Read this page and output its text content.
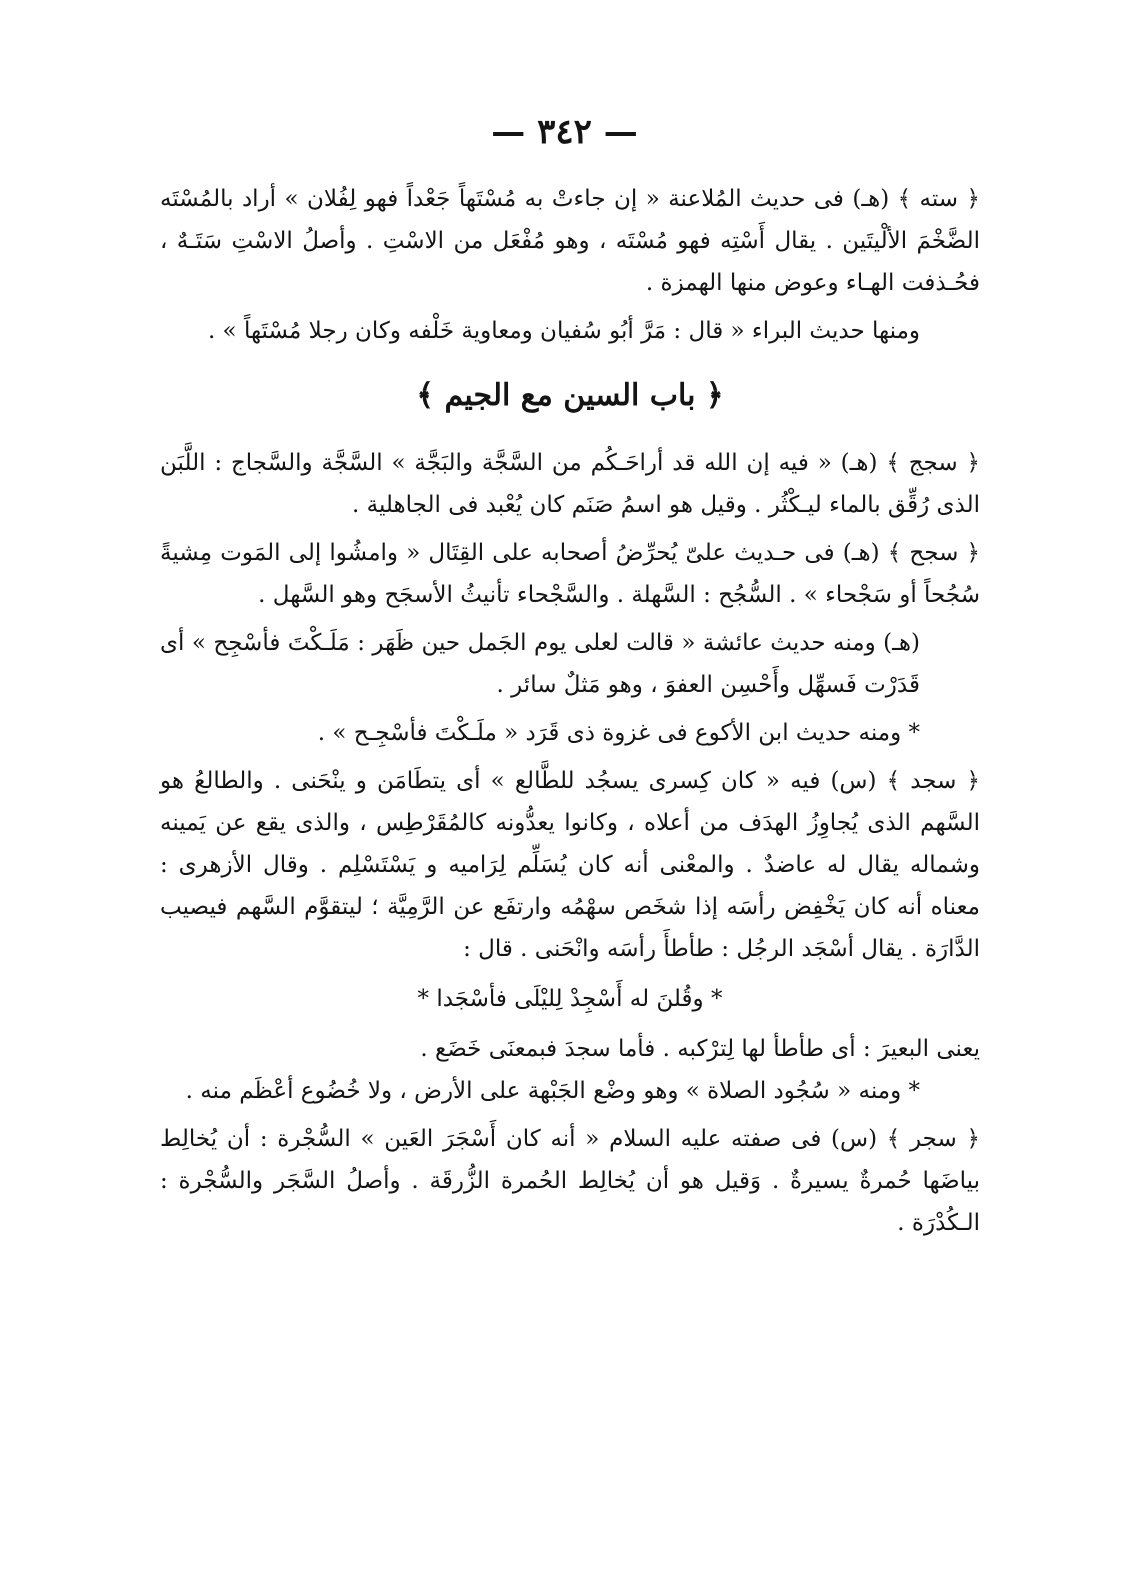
— ٣٤٢ —

﴿ سته ﴾ (هـ) فى حديث المُلاعنة « إن جاءتْ به مُسْتَهاً جَعْداً فهو لِفُلان » أراد بالمُسْتَه الضَّخْمَ الألْيتَين . يقال أَسْتِه فهو مُسْتَه ، وهو مُفْعَل من الاسْتِ . وأصلُ الاسْتِ سَتَـهٌ ، فحُـذفت الهـاء وعوض منها الهمزة .

ومنها حديث البراء « قال : مَرَّ أبُو سُفيان ومعاوية خَلْفه وكان رجلا مُسْتَهاً » .

﴿ باب السين مع الجيم ﴾

﴿ سجج ﴾ (هـ) « فيه إن الله قد أراحَـكُم من السَّجَّة والبَجَّة » السَّجَّة والسَّجاج : اللَّبَن الذى رُقِّق بالماء ليـكْثُر . وقيل هو اسمُ صَنَم كان يُعْبد فى الجاهلية .

﴿ سجح ﴾ (هـ) فى حـديث علىّ يُحرِّضُ أصحابه على القِتَال « وامشُوا إلى المَوت مِشيةً سُجُحاً أو سَجْحاء » . السُّجُح : السَّهلة . والسَّجْحاء تأنيثُ الأسجَح وهو السَّهل .

(هـ) ومنه حديث عائشة « قالت لعلى يوم الجَمل حين ظَهَر : مَلَـكْتَ فأسْجِح » أى قَدَرْت فَسهِّل وأَحْسِن العفوَ ، وهو مَثلٌ سائر .

* ومنه حديث ابن الأكوع فى غزوة ذى قَرَد « ملَـكْتَ فأسْجِـح » .

﴿ سجد ﴾ (س) فيه « كان كِسرى يسجُد للطَّالع » أى يتطَامَن و ينْحَنى . والطالعُ هو السَّهم الذى يُجاوِزُ الهدَف من أعلاه ، وكانوا يعدُّونه كالمُقَرْطِس ، والذى يقع عن يَمينه وشماله يقال له عاضدٌ . والمعْنى أنه كان يُسَلِّم لِرَاميه و يَسْتَسْلِم . وقال الأزهرى : معناه أنه كان يَخْفِض رأسَه إذا شخَص سهْمُه وارتفَع عن الرَّمِيَّة ؛ ليتقوَّم السَّهم فيصيب الدَّارَة . يقال أسْجَد الرجُل : طأطأَ رأسَه وانْحَنى . قال :

* وقُلنَ له أَسْجِدْ لِليْلَى فأسْجَدا *

يعنى البعيرَ : أى طأطأ لها لِترْكبه . فأما سجدَ فبمعنَى خَضَع .

* ومنه « سُجُود الصلاة » وهو وضْع الجَبْهة على الأرض ، ولا خُضُوع أعْظَم منه .

﴿ سجر ﴾ (س) فى صفته عليه السلام « أنه كان أَسْجَرَ العَين » السُّجْرة : أن يُخالِط بياضَها حُمرةٌ يسيرةٌ . وَقيل هو أن يُخالِط الحُمرة الزُّرقَة . وأصلُ السَّجَر والسُّجْرة : الـكُدْرَة .
